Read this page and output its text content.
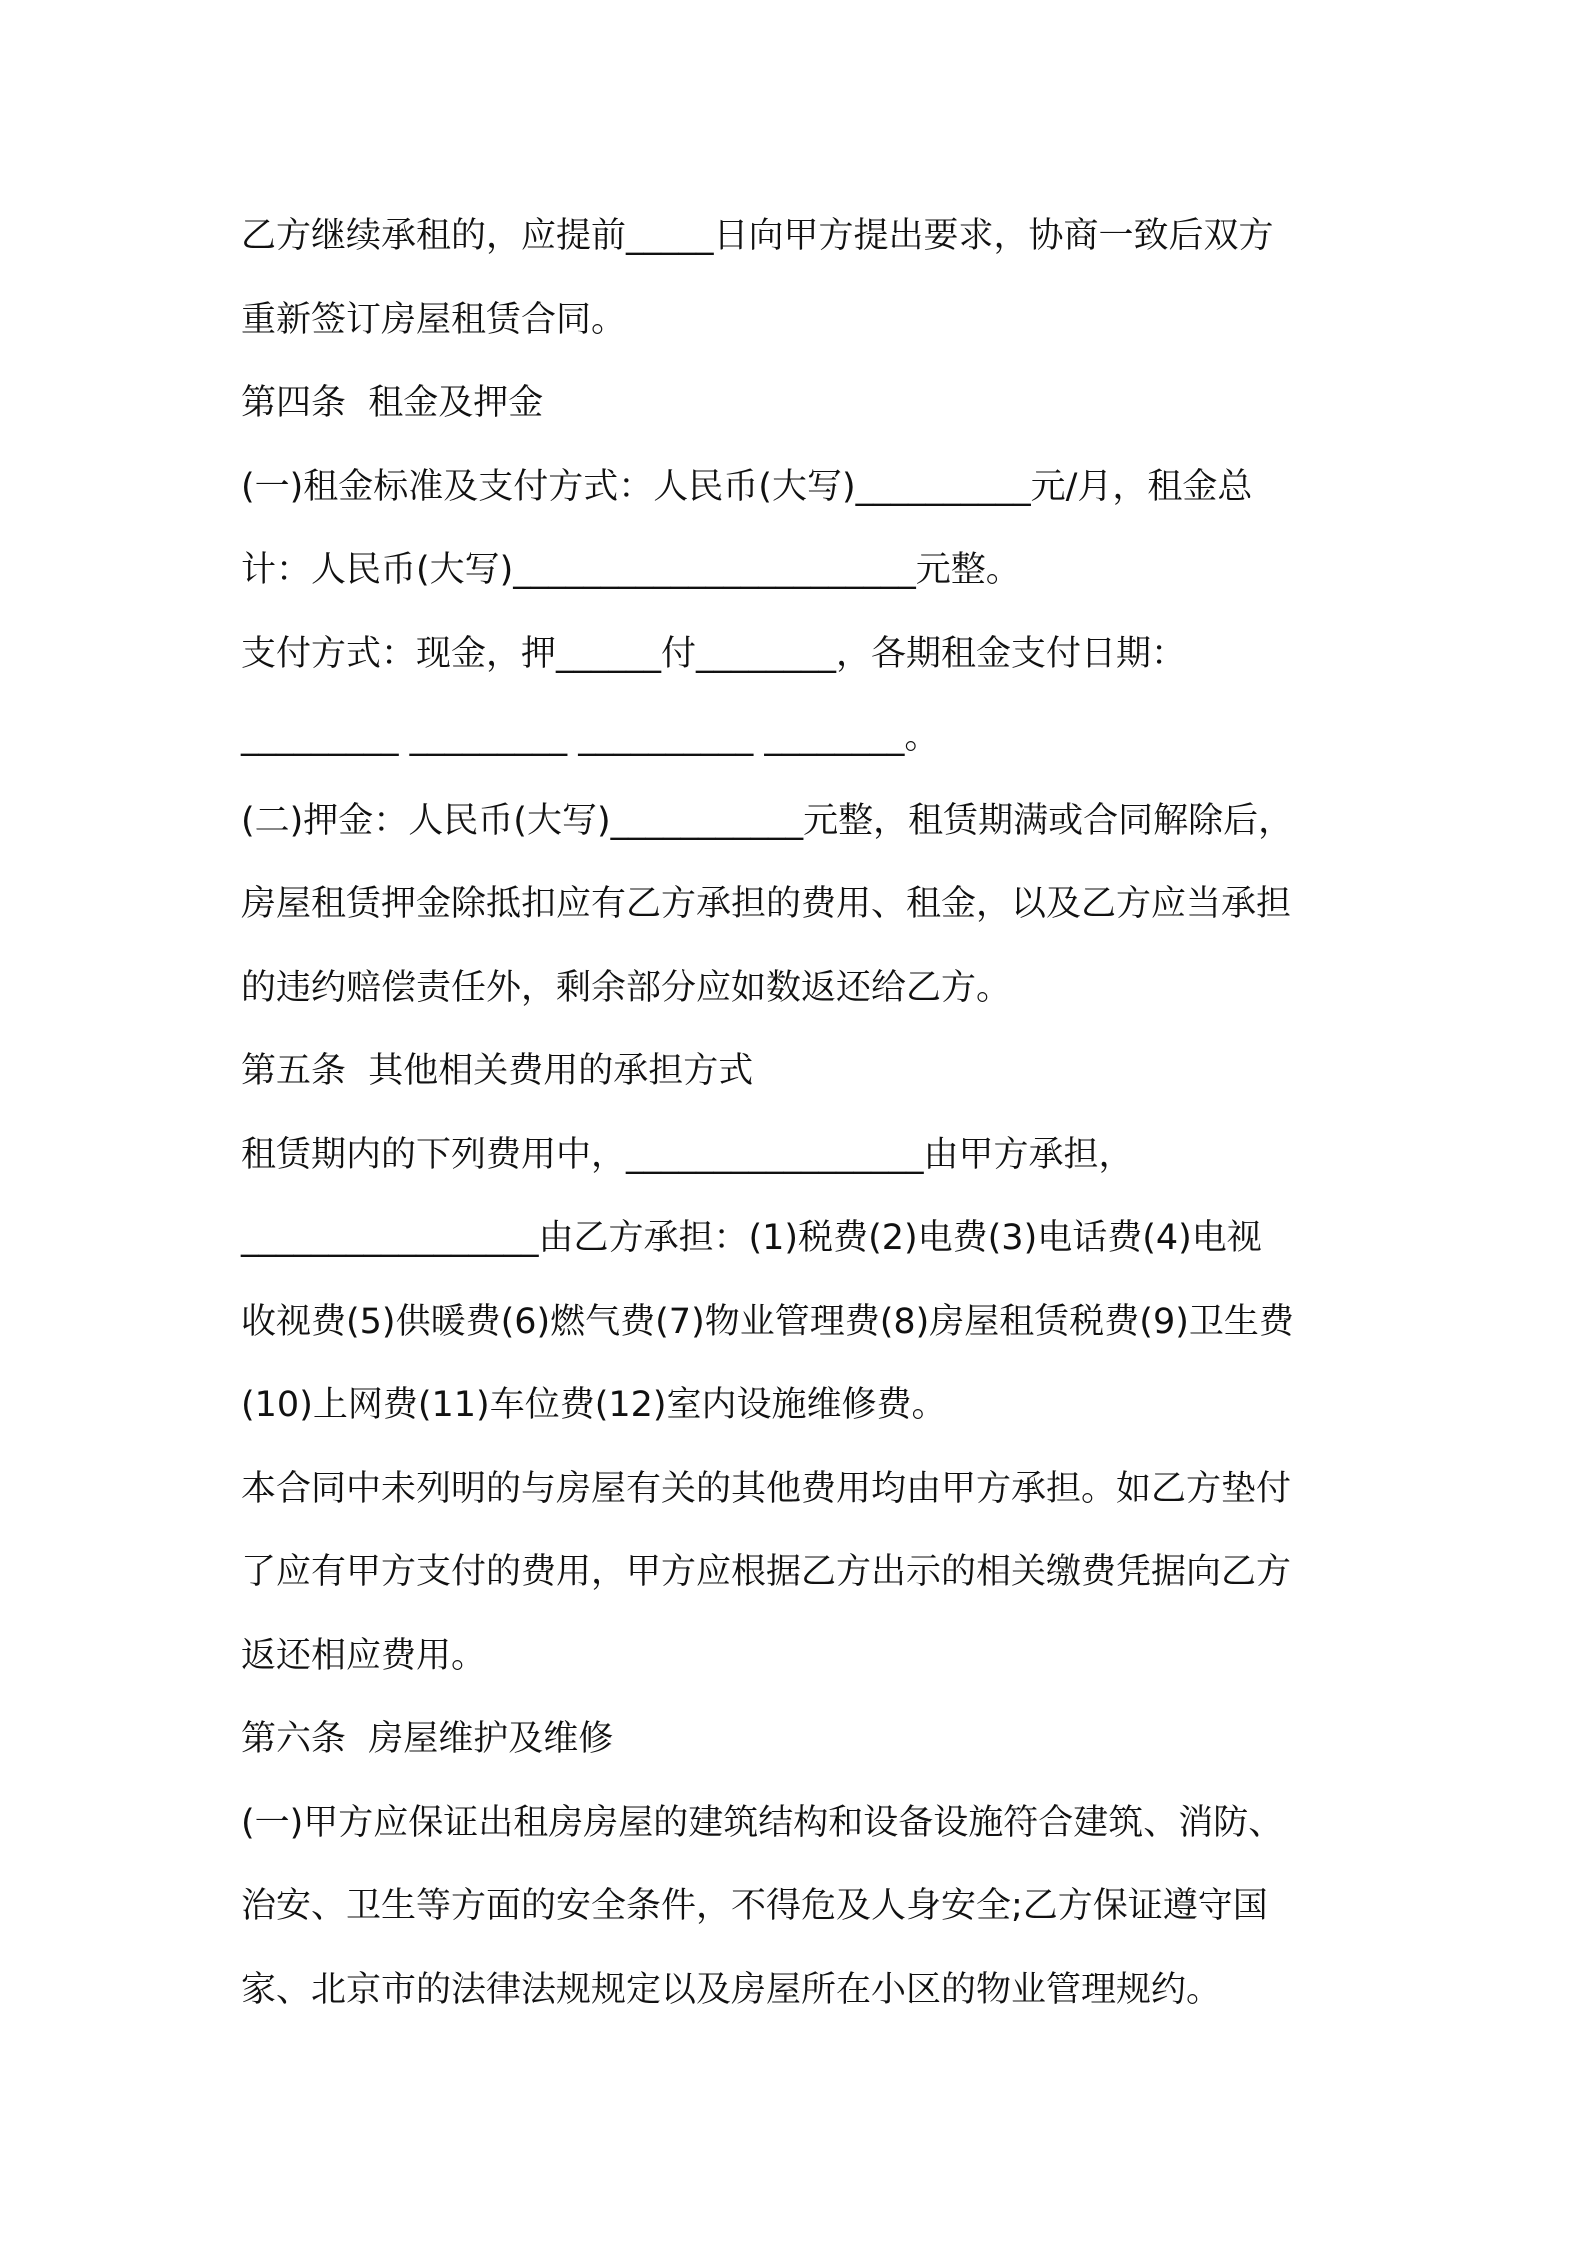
乙方继续承租的，应提前_____日向甲方提出要求，协商一致后双方

重新签订房屋租赁合同。

第四条  租金及押金

(一)租金标准及支付方式：人民币(大写)__________元/月，租金总

计：人民币(大写)_______________________元整。

支付方式：现金，押______付________，各期租金支付日期：

_________ _________ __________ ________。

(二)押金：人民币(大写)___________元整，租赁期满或合同解除后，

房屋租赁押金除抵扣应有乙方承担的费用、租金，以及乙方应当承担

的违约赔偿责任外，剩余部分应如数返还给乙方。

第五条  其他相关费用的承担方式

租赁期内的下列费用中，_________________由甲方承担，

_________________由乙方承担：(1)税费(2)电费(3)电话费(4)电视

收视费(5)供暖费(6)燃气费(7)物业管理费(8)房屋租赁税费(9)卫生费

(10)上网费(11)车位费(12)室内设施维修费。

本合同中未列明的与房屋有关的其他费用均由甲方承担。如乙方垫付

了应有甲方支付的费用，甲方应根据乙方出示的相关缴费凭据向乙方

返还相应费用。

第六条  房屋维护及维修

(一)甲方应保证出租房房屋的建筑结构和设备设施符合建筑、消防、

治安、卫生等方面的安全条件，不得危及人身安全;乙方保证遵守国

家、北京市的法律法规规定以及房屋所在小区的物业管理规约。
